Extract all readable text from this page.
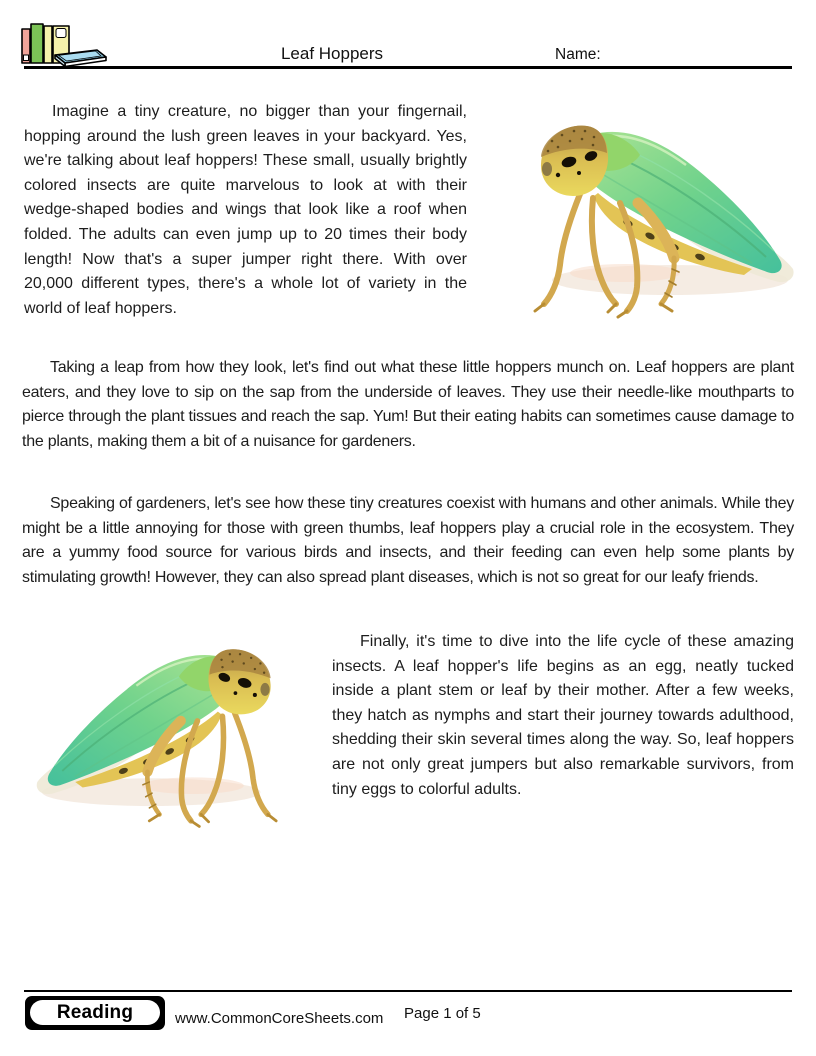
Leaf Hoppers	Name:

Imagine a tiny creature, no bigger than your fingernail, hopping around the lush green leaves in your backyard. Yes, we're talking about leaf hoppers! These small, usually brightly colored insects are quite marvelous to look at with their wedge-shaped bodies and wings that look like a roof when folded. The adults can even jump up to 20 times their body length! Now that's a super jumper right there. With over 20,000 different types, there's a whole lot of variety in the world of leaf hoppers.

Taking a leap from how they look, let's find out what these little hoppers munch on. Leaf hoppers are plant eaters, and they love to sip on the sap from the underside of leaves. They use their needle-like mouthparts to pierce through the plant tissues and reach the sap. Yum! But their eating habits can sometimes cause damage to the plants, making them a bit of a nuisance for gardeners.

Speaking of gardeners, let's see how these tiny creatures coexist with humans and other animals. While they might be a little annoying for those with green thumbs, leaf hoppers play a crucial role in the ecosystem. They are a yummy food source for various birds and insects, and their feeding can even help some plants by stimulating growth! However, they can also spread plant diseases, which is not so great for our leafy friends.

Finally, it's time to dive into the life cycle of these amazing insects. A leaf hopper's life begins as an egg, neatly tucked inside a plant stem or leaf by their mother. After a few weeks, they hatch as nymphs and start their journey towards adulthood, shedding their skin several times along the way. So, leaf hoppers are not only great jumpers but also remarkable survivors, from tiny eggs to colorful adults.

Reading	www.CommonCoreSheets.com Page 1 of 5
